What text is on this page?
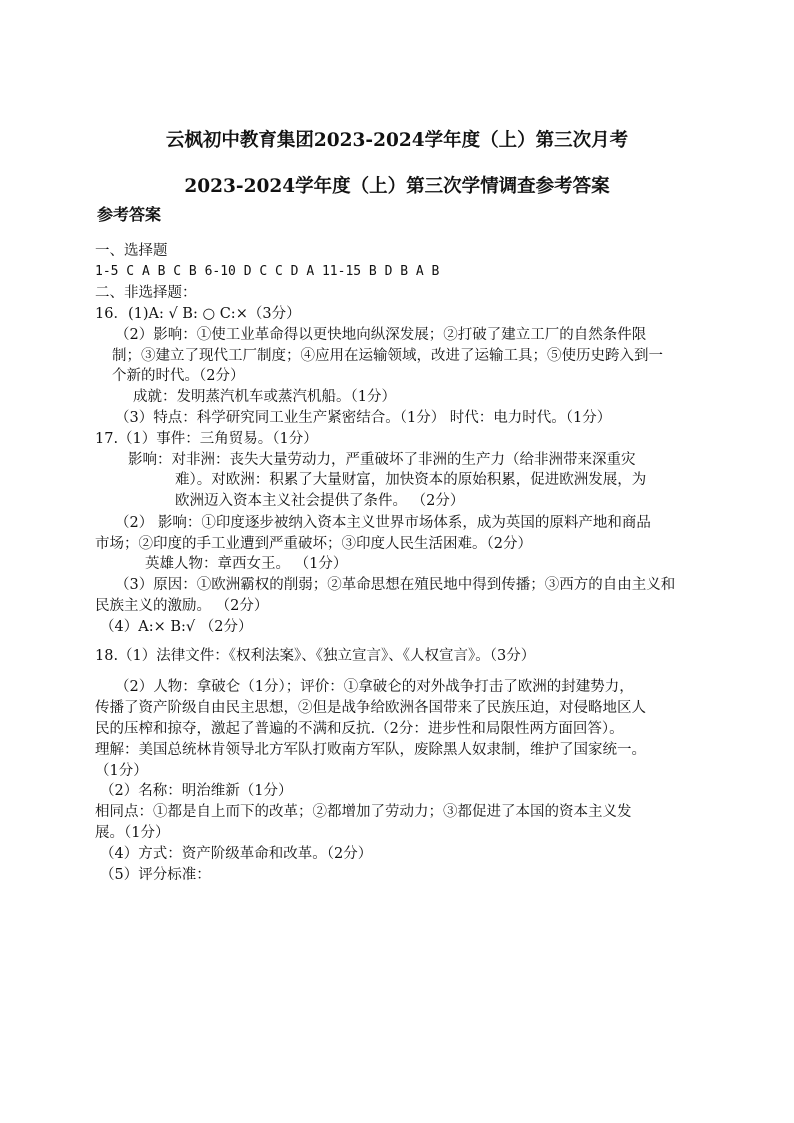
云枫初中教育集团2023-2024学年度（上）第三次月考
2023-2024学年度（上）第三次学情调查参考答案
参考答案
一、选择题
1-5 C A B C B 6-10 D C C D A 11-15 B D B A B
二、非选择题：
16．(1)A: √ B: ○ C:×（3分）
（2）影响：①使工业革命得以更快地向纵深发展；②打破了建立工厂的自然条件限
制；③建立了现代工厂制度；④应用在运输领域，改进了运输工具；⑤使历史跨入到一
个新的时代。（2分）
成就：发明蒸汽机车或蒸汽机船。（1分）
（3）特点：科学研究同工业生产紧密结合。（1分） 时代：电力时代。（1分）
17.（1）事件：三角贸易。（1分）
影响：对非洲：丧失大量劳动力，严重破坏了非洲的生产力（给非洲带来深重灾
难）。对欧洲：积累了大量财富，加快资本的原始积累，促进欧洲发展，为
欧洲迈入资本主义社会提供了条件。 （2分）
（2） 影响：①印度逐步被纳入资本主义世界市场体系，成为英国的原料产地和商品
市场；②印度的手工业遭到严重破坏；③印度人民生活困难。（2分）
英雄人物：章西女王。 （1分）
（3）原因：①欧洲霸权的削弱；②革命思想在殖民地中得到传播；③西方的自由主义和
民族主义的激励。 （2分）
（4）A:× B:√ （2分）
18.（1）法律文件：《权利法案》、《独立宣言》、《人权宣言》。（3分）
（2）人物：拿破仑（1分）；评价：①拿破仑的对外战争打击了欧洲的封建势力，
传播了资产阶级自由民主思想，②但是战争给欧洲各国带来了民族压迫，对侵略地区人
民的压榨和掠夺，激起了普遍的不满和反抗.（2分：进步性和局限性两方面回答）。
理解：美国总统林肯领导北方军队打败南方军队，废除黑人奴隶制，维护了国家统一。
（1分）
（2）名称：明治维新（1分）
相同点：①都是自上而下的改革；②都增加了劳动力；③都促进了本国的资本主义发
展。（1分）
（4）方式：资产阶级革命和改革。（2分）
（5）评分标准：
